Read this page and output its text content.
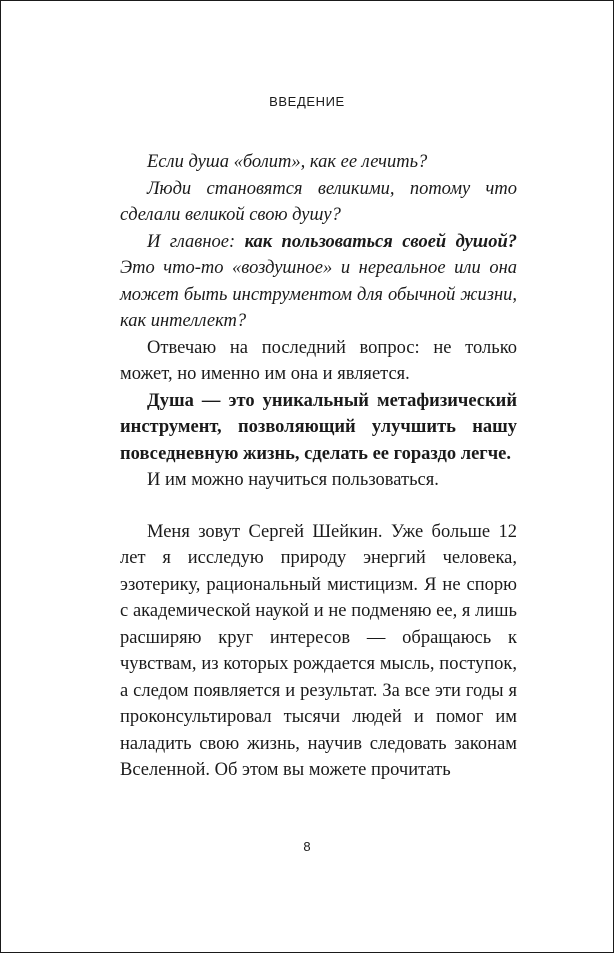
ВВЕДЕНИЕ

Если душа «болит», как ее лечить?

Люди становятся великими, потому что сделали великой свою душу?

И главное: как пользоваться своей душой? Это что-то «воздушное» и нереальное или она может быть инструментом для обычной жизни, как интеллект?

Отвечаю на последний вопрос: не только может, но именно им она и является.

Душа — это уникальный метафизический инструмент, позволяющий улучшить нашу повседневную жизнь, сделать ее гораздо легче.

И им можно научиться пользоваться.

Меня зовут Сергей Шейкин. Уже больше 12 лет я исследую природу энергий человека, эзотерику, рациональный мистицизм. Я не спорю с академической наукой и не подменяю ее, я лишь расширяю круг интересов — обращаюсь к чувствам, из которых рождается мысль, поступок, а следом появляется и результат. За все эти годы я проконсультировал тысячи людей и помог им наладить свою жизнь, научив следовать законам Вселенной. Об этом вы можете прочитать

8
